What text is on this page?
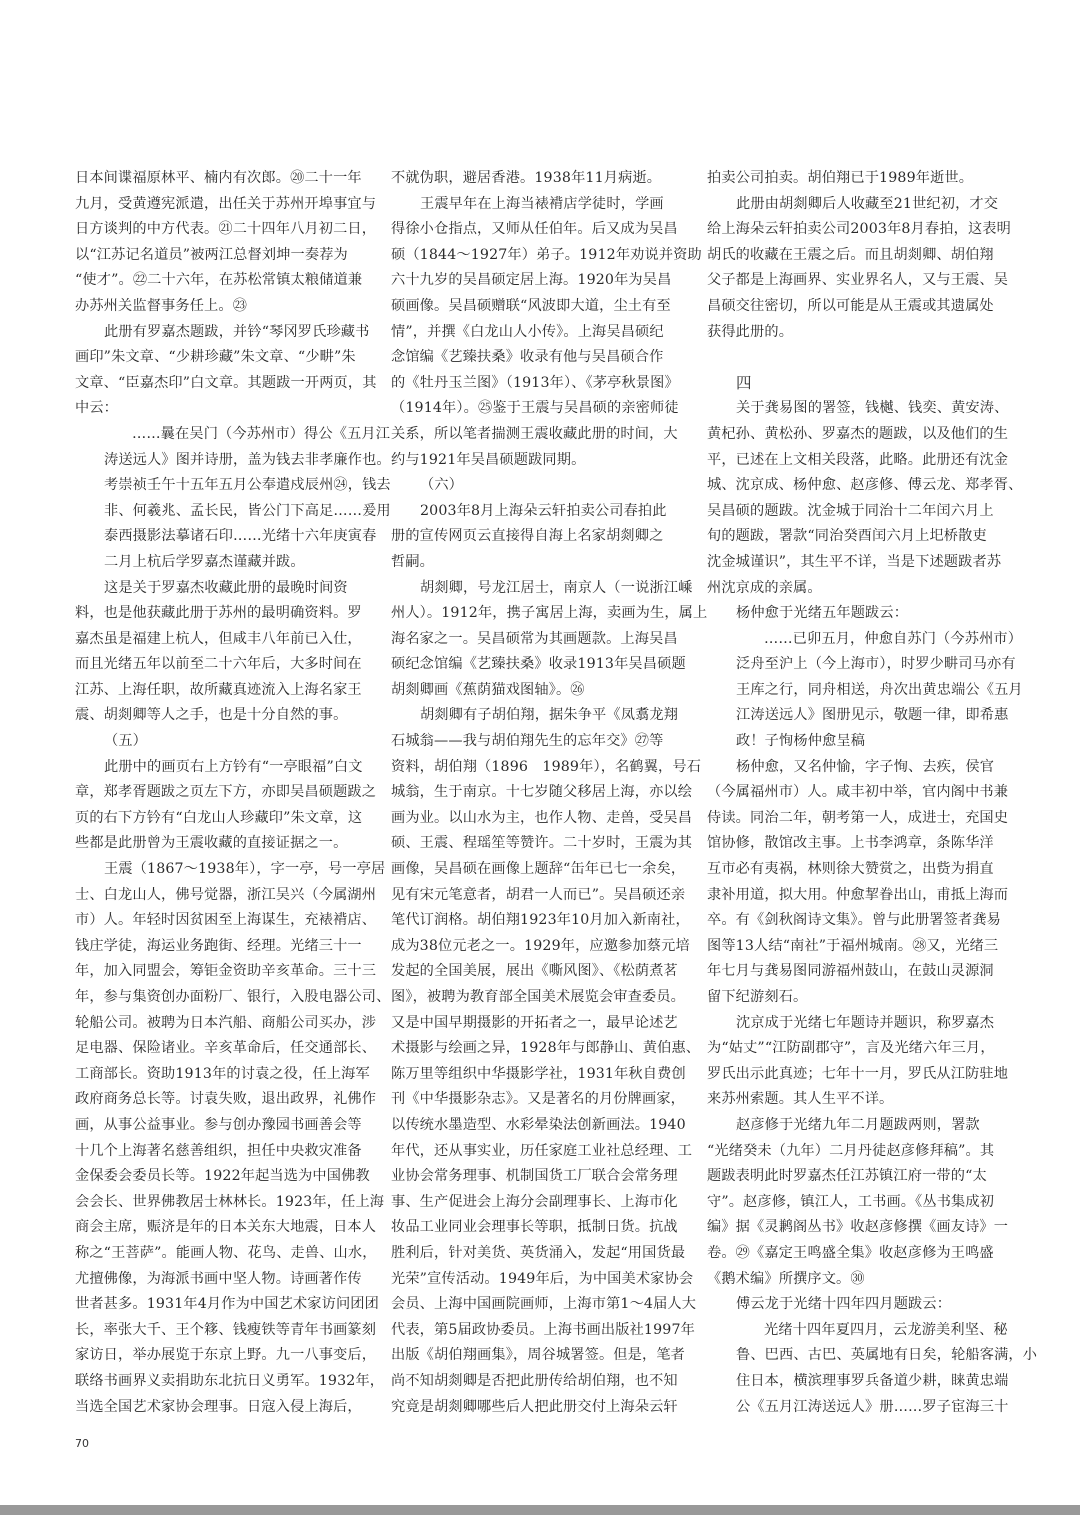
日本间谍福原林平、楠内有次郎。⑳二十一年
九月，受黄遵宪派遣，出任关于苏州开埠事宜与
日方谈判的中方代表。㉑二十四年八月初二日，
以“江苏记名道员”被两江总督刘坤一奏荐为
“使才”。㉒二十六年，在苏松常镇太粮储道兼
办苏州关监督事务任上。㉓
此册有罗嘉杰题跋，并钤“琴冈罗氏珍藏书
画印”朱文章、“少耕珍藏”朱文章、“少畊”朱
文章、“臣嘉杰印”白文章。其题跋一开两页，其
中云：
……曩在吴门（今苏州市）得公《五月江
涛送远人》图并诗册，盖为钱去非孝廉作也。
考崇祯壬午十五年五月公奉遣戍辰州㉔，钱去
非、何羲兆、孟长民，皆公门下高足……爰用
泰西摄影法摹诸石印……光绪十六年庚寅春
二月上杭后学罗嘉杰谨藏并跋。
这是关于罗嘉杰收藏此册的最晚时间资
料，也是他获藏此册于苏州的最明确资料。罗
嘉杰虽是福建上杭人，但咸丰八年前已入仕，
而且光绪五年以前至二十六年后，大多时间在
江苏、上海任职，故所藏真迹流入上海名家王
震、胡剡卿等人之手，也是十分自然的事。
（五）
此册中的画页右上方钤有“一亭眼福”白文
章，郑孝胥题跋之页左下方，亦即吴昌硕题跋之
页的右下方钤有“白龙山人珍藏印”朱文章，这
些都是此册曾为王震收藏的直接证据之一。
王震（1867～1938年），字一亭，号一亭居
士、白龙山人，佛号觉器，浙江吴兴（今属湖州
市）人。年轻时因贫困至上海谋生，充裱褙店、
钱庄学徒，海运业务跑街、经理。光绪三十一
年，加入同盟会，筹钜金资助辛亥革命。三十三
年，参与集资创办面粉厂、银行，入股电器公司、
轮船公司。被聘为日本汽船、商船公司买办，涉
足电器、保险诸业。辛亥革命后，任交通部长、
工商部长。资助1913年的讨袁之役，任上海军
政府商务总长等。讨袁失败，退出政界，礼佛作
画，从事公益事业。参与创办豫园书画善会等
十几个上海著名慈善组织，担任中央救灾准备
金保委会委员长等。1922年起当选为中国佛教
会会长、世界佛教居士林林长。1923年，任上海
商会主席，赈济是年的日本关东大地震，日本人
称之“王菩萨”。能画人物、花鸟、走兽、山水，
尤擅佛像，为海派书画中坚人物。诗画著作传
世者甚多。1931年4月作为中国艺术家访问团团
长，率张大千、王个簃、钱瘦铁等青年书画篆刻
家访日，举办展览于东京上野。九一八事变后，
联络书画界义卖捐助东北抗日义勇军。1932年，
当选全国艺术家协会理事。日寇入侵上海后，
不就伪职，避居香港。1938年11月病逝。
王震早年在上海当裱褙店学徒时，学画
得徐小仓指点，又师从任伯年。后又成为吴昌
硕（1844～1927年）弟子。1912年劝说并资助
六十九岁的吴昌硕定居上海。1920年为吴昌
硕画像。吴昌硕赠联“风波即大道，尘土有至
情”，并撰《白龙山人小传》。上海吴昌硕纪
念馆编《艺臻扶桑》收录有他与吴昌硕合作
的《牡丹玉兰图》（1913年）、《茅亭秋景图》
（1914年）。㉕鉴于王震与吴昌硕的亲密师徒
关系，所以笔者揣测王震收藏此册的时间，大
约与1921年吴昌硕题跋同期。
（六）
2003年8月上海朵云轩拍卖公司春拍此
册的宣传网页云直接得自海上名家胡剡卿之
哲嗣。
胡剡卿，号龙江居士，南京人（一说浙江嵊
州人）。1912年，携子寓居上海，卖画为生，属上
海名家之一。吴昌硕常为其画题款。上海吴昌
硕纪念馆编《艺臻扶桑》收录1913年吴昌硕题
胡剡卿画《蕉荫猫戏图轴》。㉖
胡剡卿有子胡伯翔，据朱争平《凤翥龙翔
石城翁——我与胡伯翔先生的忘年交》㉗等
资料，胡伯翔（1896　1989年），名鹤翼，号石
城翁，生于南京。十七岁随父移居上海，亦以绘
画为业。以山水为主，也作人物、走兽，受吴昌
硕、王震、程瑶笙等赞许。二十岁时，王震为其
画像，吴昌硕在画像上题辞“缶年已七一余矣，
见有宋元笔意者，胡君一人而已”。吴昌硕还亲
笔代订润格。胡伯翔1923年10月加入新南社，
成为38位元老之一。1929年，应邀参加蔡元培
发起的全国美展，展出《嘶风图》、《松荫煮茗
图》，被聘为教育部全国美术展览会审查委员。
又是中国早期摄影的开拓者之一，最早论述艺
术摄影与绘画之异，1928年与郎静山、黄伯惠、
陈万里等组织中华摄影学社，1931年秋自费创
刊《中华摄影杂志》。又是著名的月份牌画家，
以传统水墨造型、水彩晕染法创新画法。1940
年代，还从事实业，历任家庭工业社总经理、工
业协会常务理事、机制国货工厂联合会常务理
事、生产促进会上海分会副理事长、上海市化
妆品工业同业会理事长等职，抵制日货。抗战
胜利后，针对美货、英货涌入，发起“用国货最
光荣”宣传活动。1949年后，为中国美术家协会
会员、上海中国画院画师，上海市第1～4届人大
代表，第5届政协委员。上海书画出版社1997年
出版《胡伯翔画集》，周谷城署签。但是，笔者
尚不知胡剡卿是否把此册传给胡伯翔，也不知
究竟是胡剡卿哪些后人把此册交付上海朵云轩
拍卖公司拍卖。胡伯翔已于1989年逝世。
此册由胡剡卿后人收藏至21世纪初，才交
给上海朵云轩拍卖公司2003年8月春拍，这表明
胡氏的收藏在王震之后。而且胡剡卿、胡伯翔
父子都是上海画界、实业界名人，又与王震、吴
昌硕交往密切，所以可能是从王震或其遗属处
获得此册的。
四
关于龚易图的署签，钱樾、钱奕、黄安涛、
黄杞孙、黄松孙、罗嘉杰的题跋，以及他们的生
平，已述在上文相关段落，此略。此册还有沈金
城、沈京成、杨仲愈、赵彦修、傅云龙、郑孝胥、
吴昌硕的题跋。沈金城于同治十二年闰六月上
旬的题跋，署款“同治癸酉闰六月上圯桥散吏
沈金城谨识”，其生平不详，当是下述题跋者苏
州沈京成的亲属。
杨仲愈于光绪五年题跋云：
……已卯五月，仲愈自苏门（今苏州市）
泛舟至沪上（今上海市），时罗少畊司马亦有
王库之行，同舟相送，舟次出黄忠端公《五月
江涛送远人》图册见示，敬题一律，即希惠
政！子恂杨仲愈呈稿
杨仲愈，又名仲愉，字子恂、去疾，侯官
（今属福州市）人。咸丰初中举，官内阁中书兼
侍读。同治二年，朝考第一人，成进士，充国史
馆协修，散馆改主事。上书李鸿章，条陈华洋
互市必有夷祸，林则徐大赞赏之，出赀为捐直
隶补用道，拟大用。仲愈挈眷出山，甫抵上海而
卒。有《剑秋阁诗文集》。曾与此册署签者龚易
图等13人结“南社”于福州城南。㉘又，光绪三
年七月与龚易图同游福州鼓山，在鼓山灵源洞
留下纪游刻石。
沈京成于光绪七年题诗并题识，称罗嘉杰
为“姑丈”“江防副郡守”，言及光绪六年三月，
罗氏出示此真迹；七年十一月，罗氏从江防驻地
来苏州索题。其人生平不详。
赵彦修于光绪九年二月题跋两则，署款
“光绪癸未（九年）二月丹徒赵彦修拜稿”。其
题跋表明此时罗嘉杰任江苏镇江府一带的“太
守”。赵彦修，镇江人，工书画。《丛书集成初
编》据《灵鹣阁丛书》收赵彦修撰《画友诗》一
卷。㉙《嘉定王鸣盛全集》收赵彦修为王鸣盛
《鹅术编》所撰序文。㉚
傅云龙于光绪十四年四月题跋云：
光绪十四年夏四月，云龙游美利坚、秘
鲁、巴西、古巴、英属地有日矣，轮船客满，小
住日本，横滨理事罗兵备道少耕，睐黄忠端
公《五月江涛送远人》册……罗子宦海三十
70
